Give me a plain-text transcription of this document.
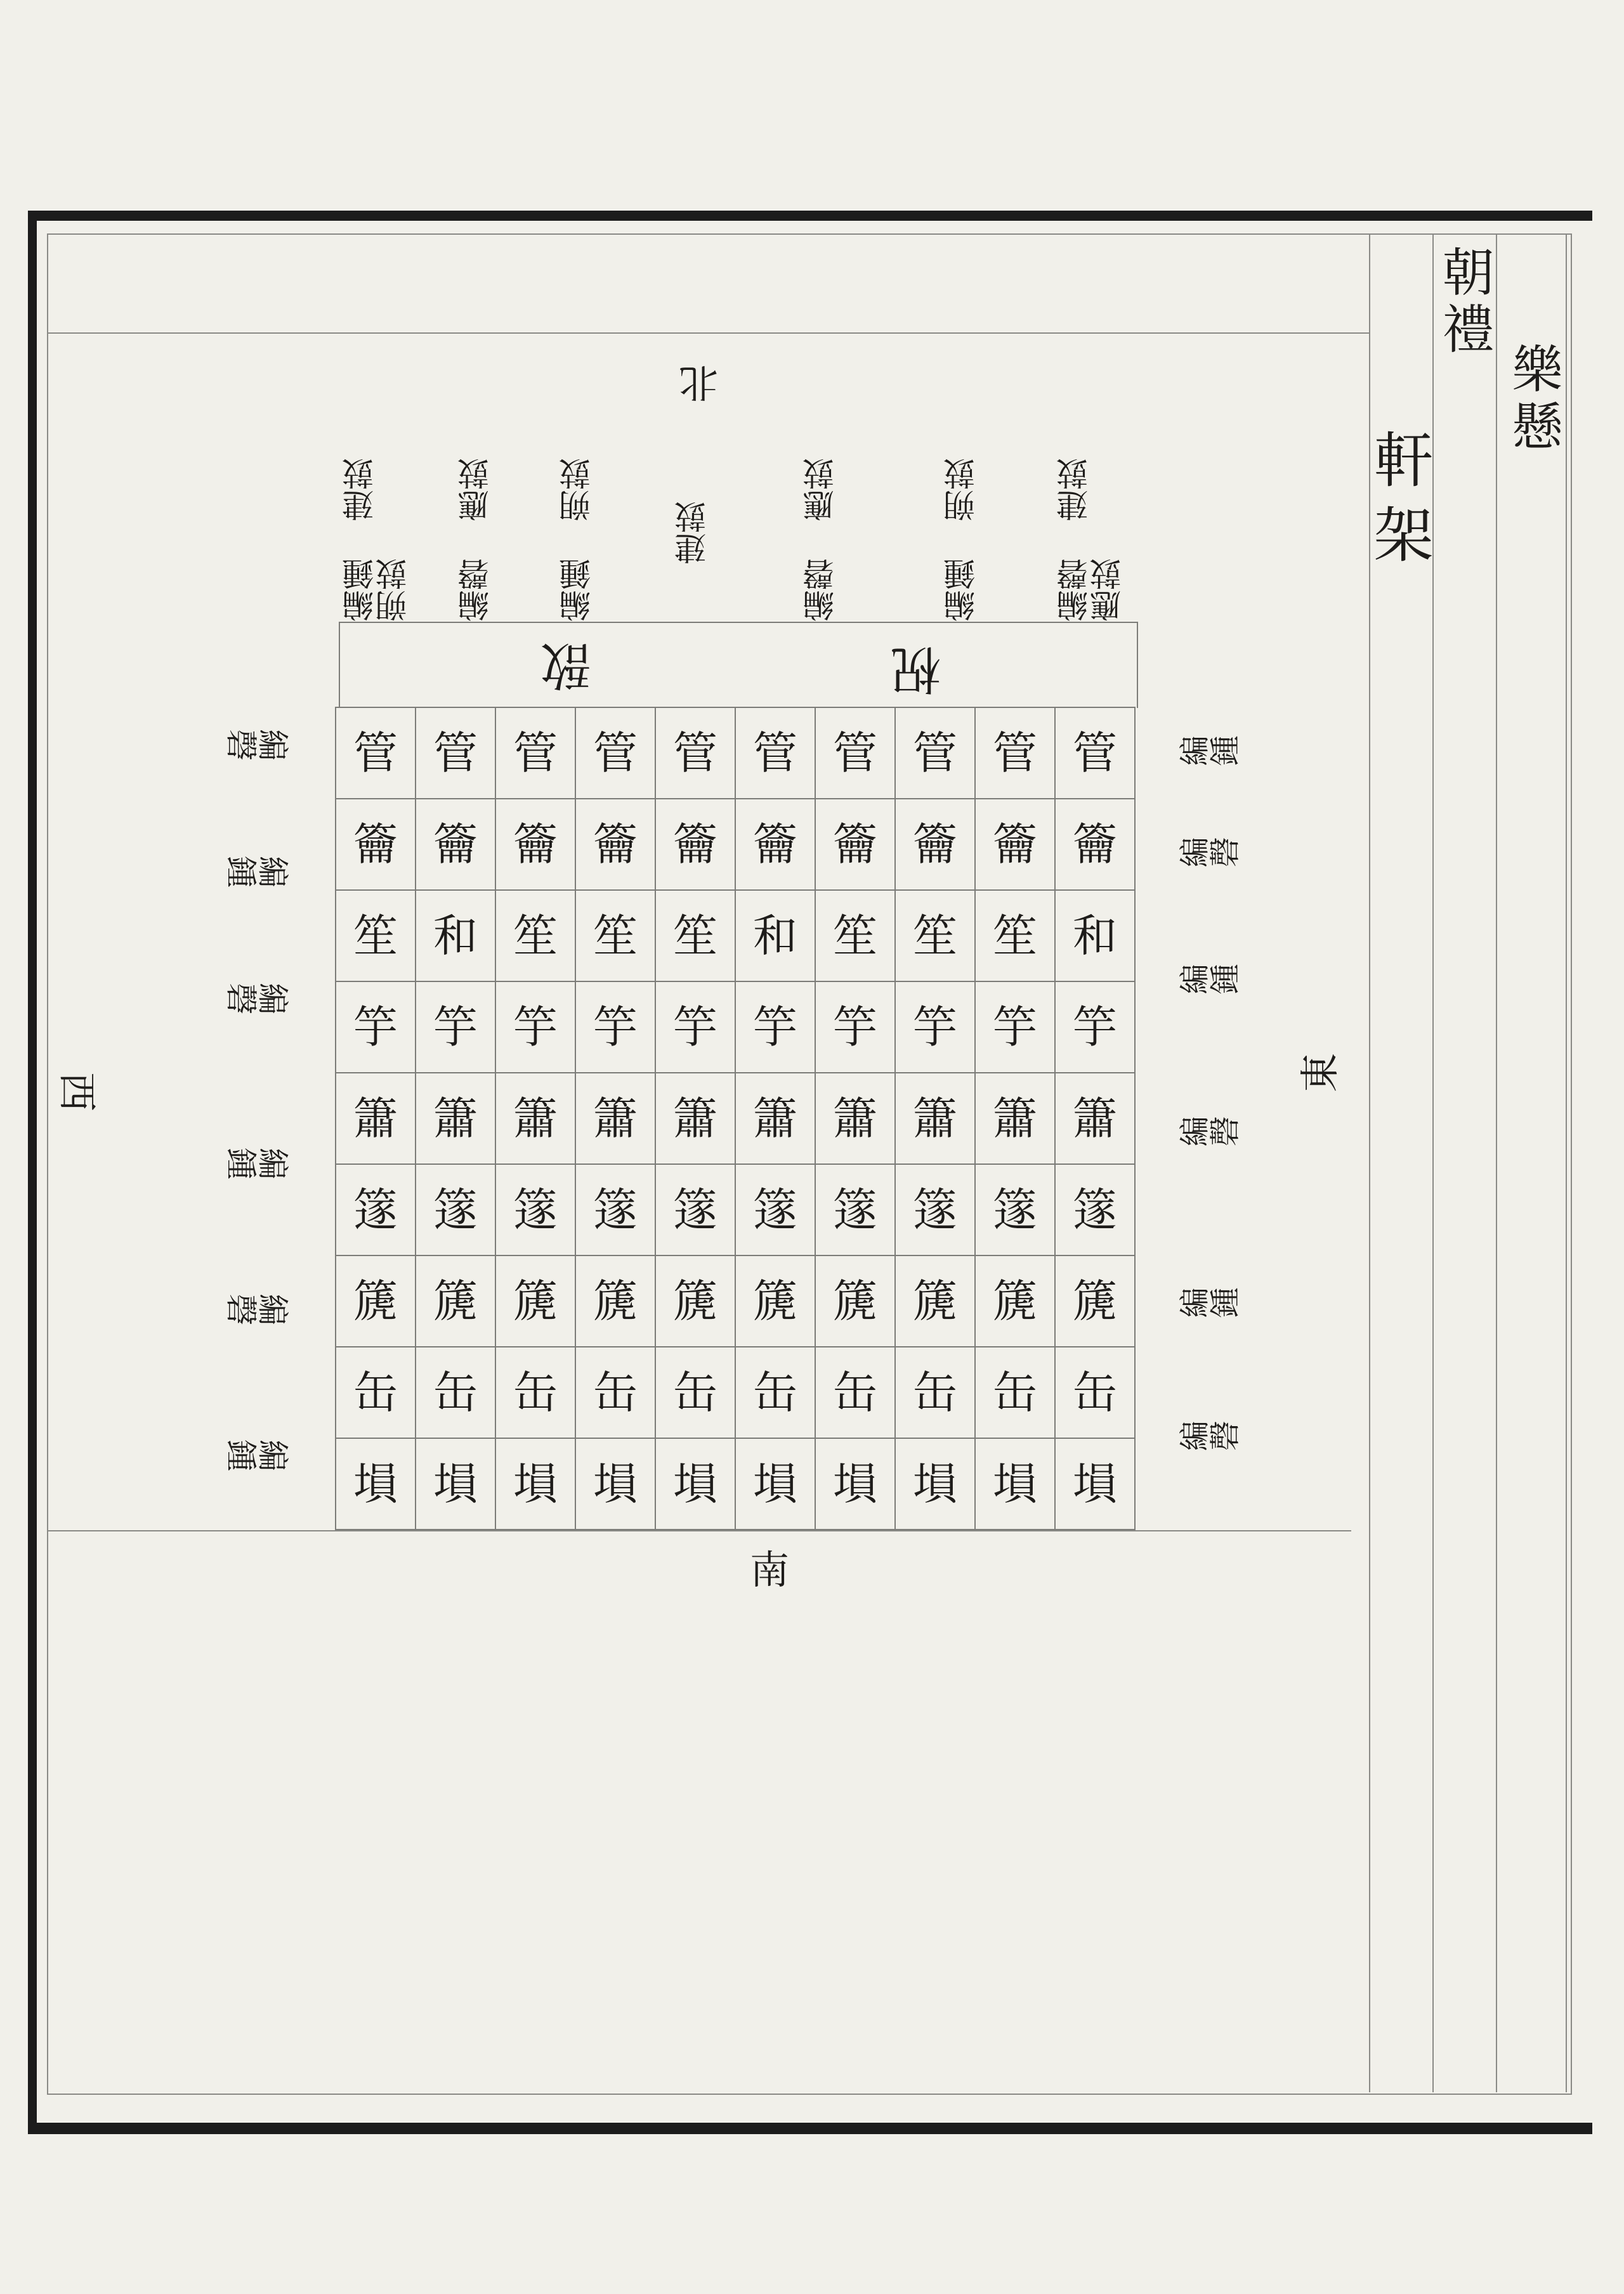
朝禮
樂懸
軒架
北
南
東
西
編磬 建鼓 應鼓
編鍾 朔鼓
編磬 應鼓
建鼓
編鍾 朔鼓
編磬 應鼓
編鍾 建鼓 朔鼓
柷
敔
管 管 管 管 管 管 管 管 管 管
籥 籥 籥 籥 籥 籥 籥 籥 籥 籥
笙 和 笙 笙 笙 和 笙 笙 笙 和
竽 竽 竽 竽 竽 竽 竽 竽 竽 竽
簫 簫 簫 簫 簫 簫 簫 簫 簫 簫
篴 篴 篴 篴 篴 篴 篴 篴 篴 篴
篪 篪 篪 篪 篪 篪 篪 篪 篪 篪
缶 缶 缶 缶 缶 缶 缶 缶 缶 缶
塤 塤 塤 塤 塤 塤 塤 塤 塤 塤
編磬
編鍾
編磬
編鍾
編磬
編鍾
編鍾
編磬
編鍾
編磬
編鍾
編磬
